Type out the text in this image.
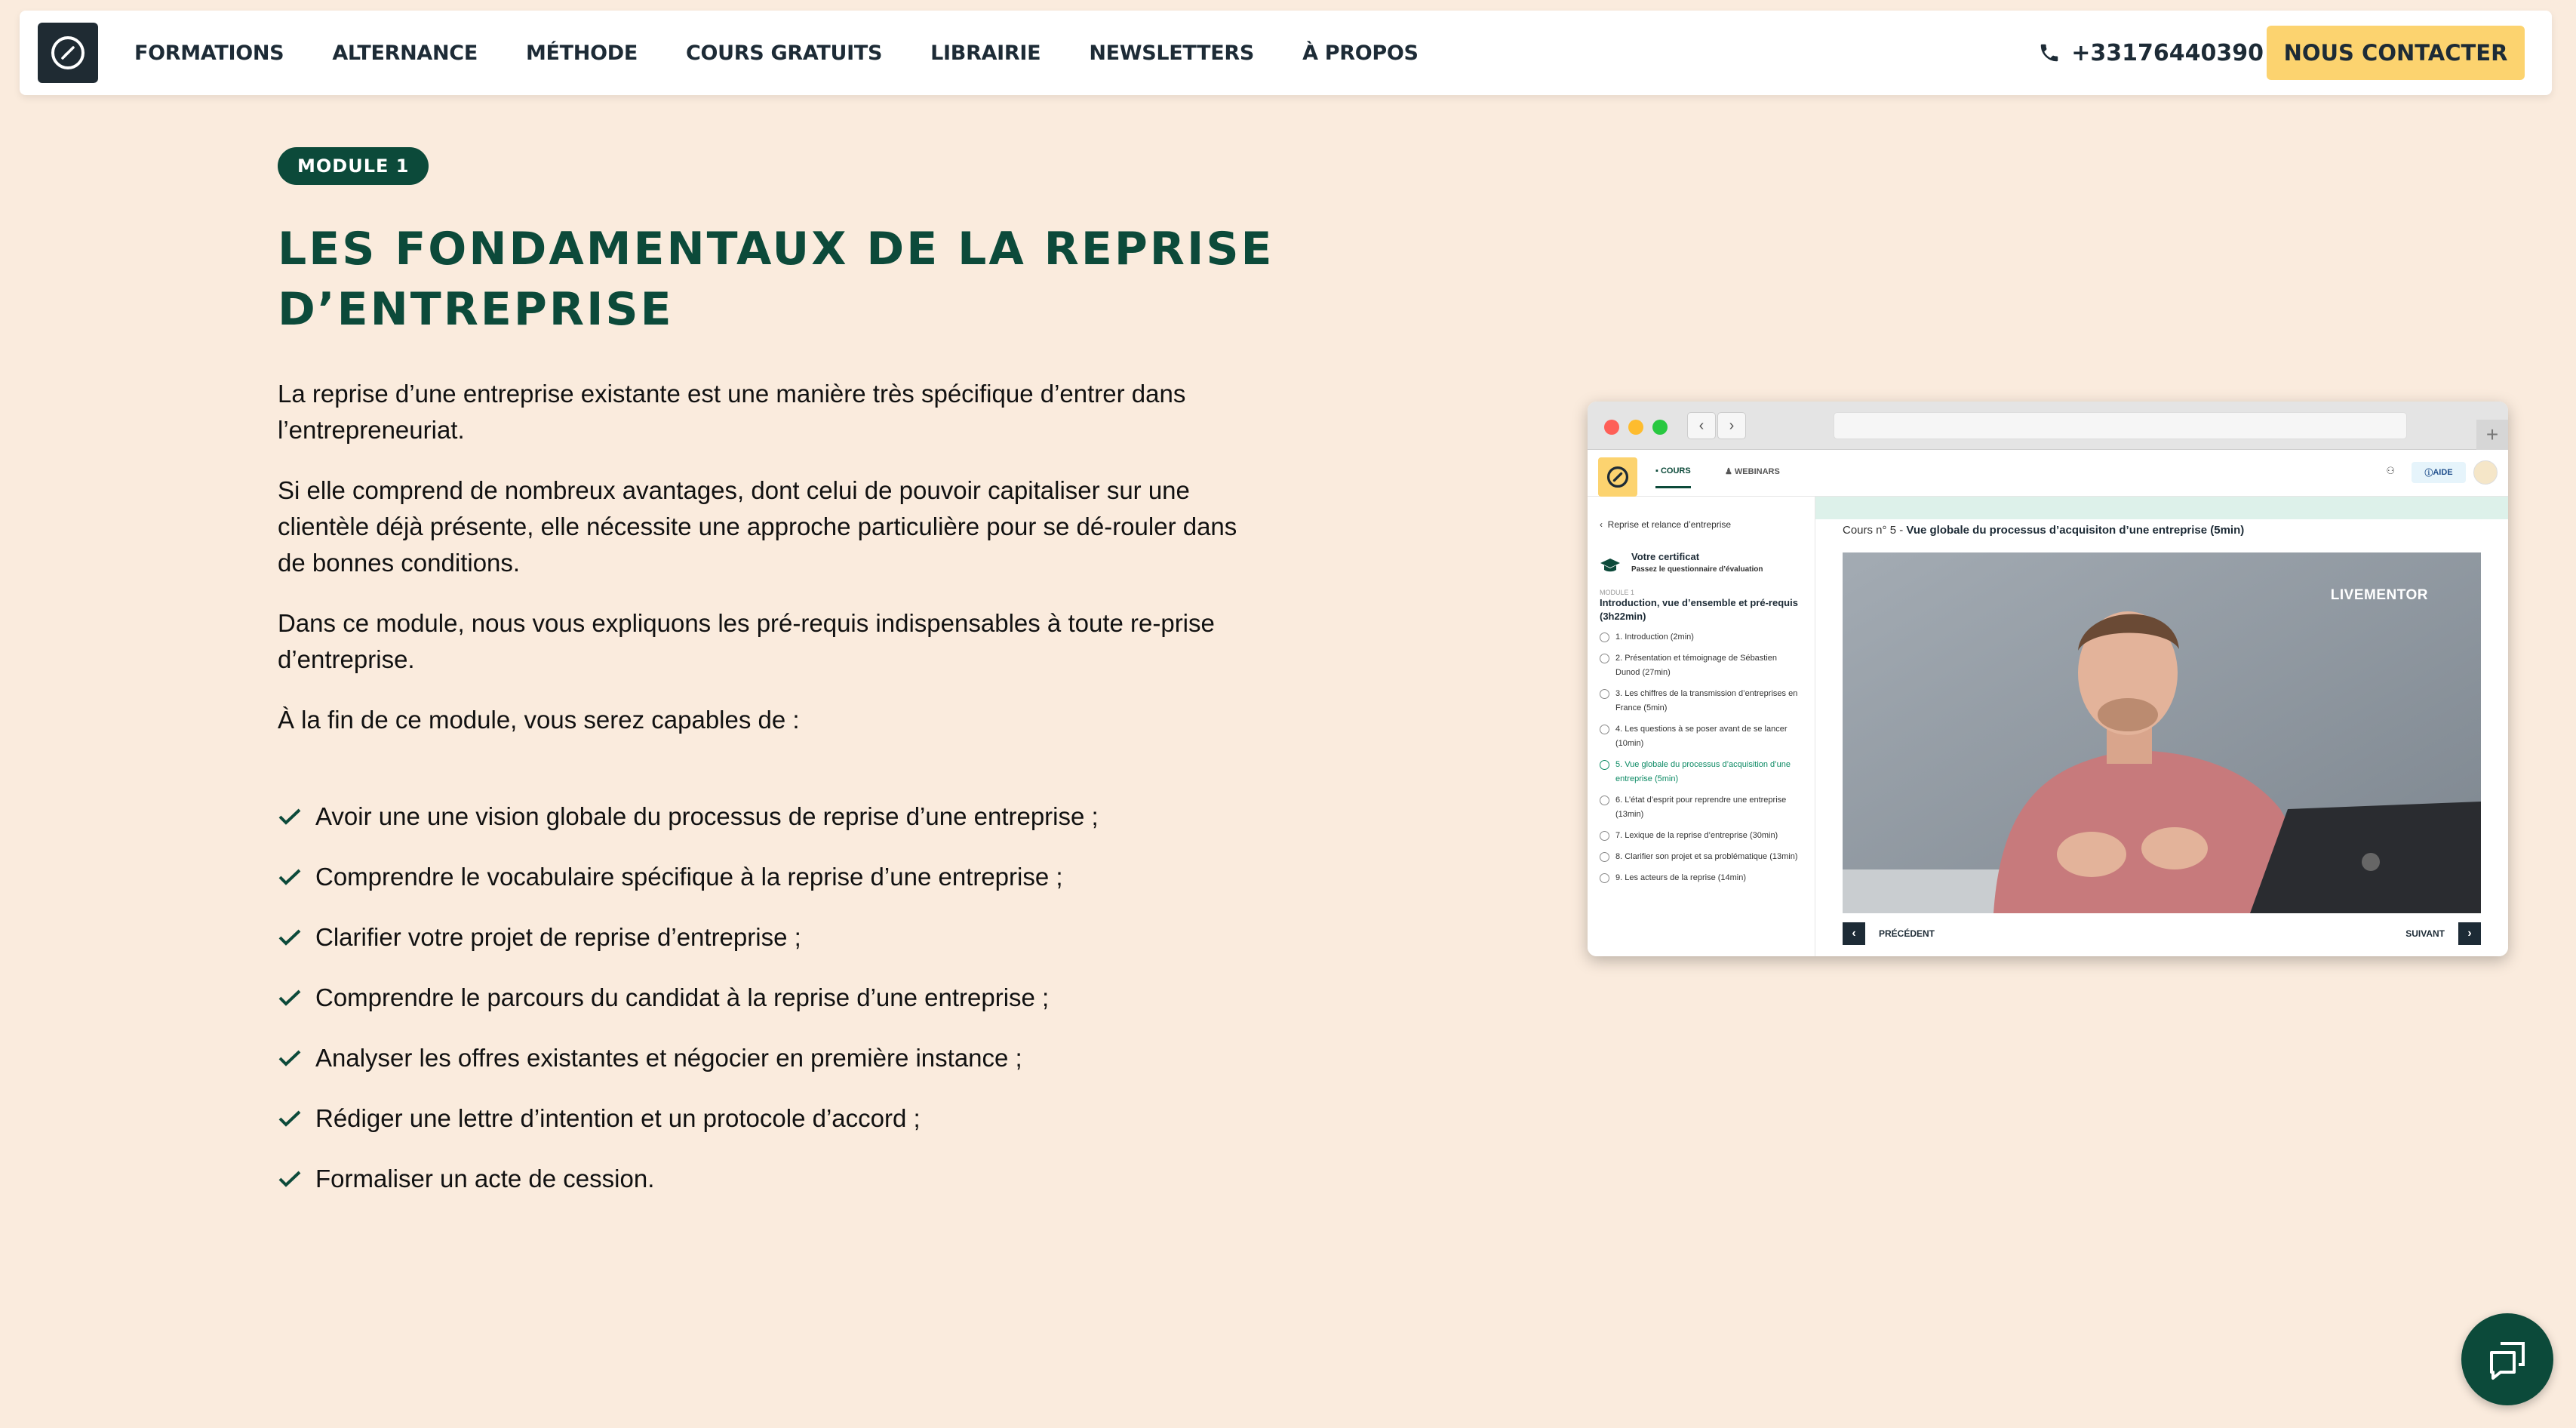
FORMATIONS ALTERNANCE MÉTHODE COURS GRATUITS LIBRAIRIE NEWSLETTERS À PROPOS	+33176440390 NOUS CONTACTER
MODULE 1
LES FONDAMENTAUX DE LA REPRISE
D’ENTREPRISE

La reprise d’une entreprise existante est une manière très spécifique d’entrer dans l’entrepreneuriat.

Si elle comprend de nombreux avantages, dont celui de pouvoir capitaliser sur une clientèle déjà présente, elle nécessite une approche particulière pour se dé-rouler dans de bonnes conditions.

Dans ce module, nous vous expliquons les pré-requis indispensables à toute re-prise d’entreprise.

À la fin de ce module, vous serez capables de :

Avoir une une vision globale du processus de reprise d’une entreprise ;
Comprendre le vocabulaire spécifique à la reprise d’une entreprise ;
Clarifier votre projet de reprise d’entreprise ;
Comprendre le parcours du candidat à la reprise d’une entreprise ;
Analyser les offres existantes et négocier en première instance ;
Rédiger une lettre d’intention et un protocole d’accord ;
Formaliser un acte de cession.
‹	›	+
▪ COURS	♟ WEBINARS	⚇	ⓘ AIDE
‹  Reprise et relance d’entreprise
Votre certificat
Passez le questionnaire d’évaluation
MODULE 1
Introduction, vue d’ensemble et pré-requis (3h22min)
1. Introduction (2min)
2. Présentation et témoignage de Sébastien Dunod (27min)
3. Les chiffres de la transmission d’entreprises en France (5min)
4. Les questions à se poser avant de se lancer (10min)
5. Vue globale du processus d’acquisition d’une entreprise (5min)
6. L’état d’esprit pour reprendre une entreprise (13min)
7. Lexique de la reprise d’entreprise (30min)
8. Clarifier son projet et sa problématique (13min)
9. Les acteurs de la reprise (14min)
Cours n° 5 - Vue globale du processus d’acquisiton d’une entreprise (5min)
LIVEMENTOR
‹	PRÉCÉDENT	SUIVANT	›
